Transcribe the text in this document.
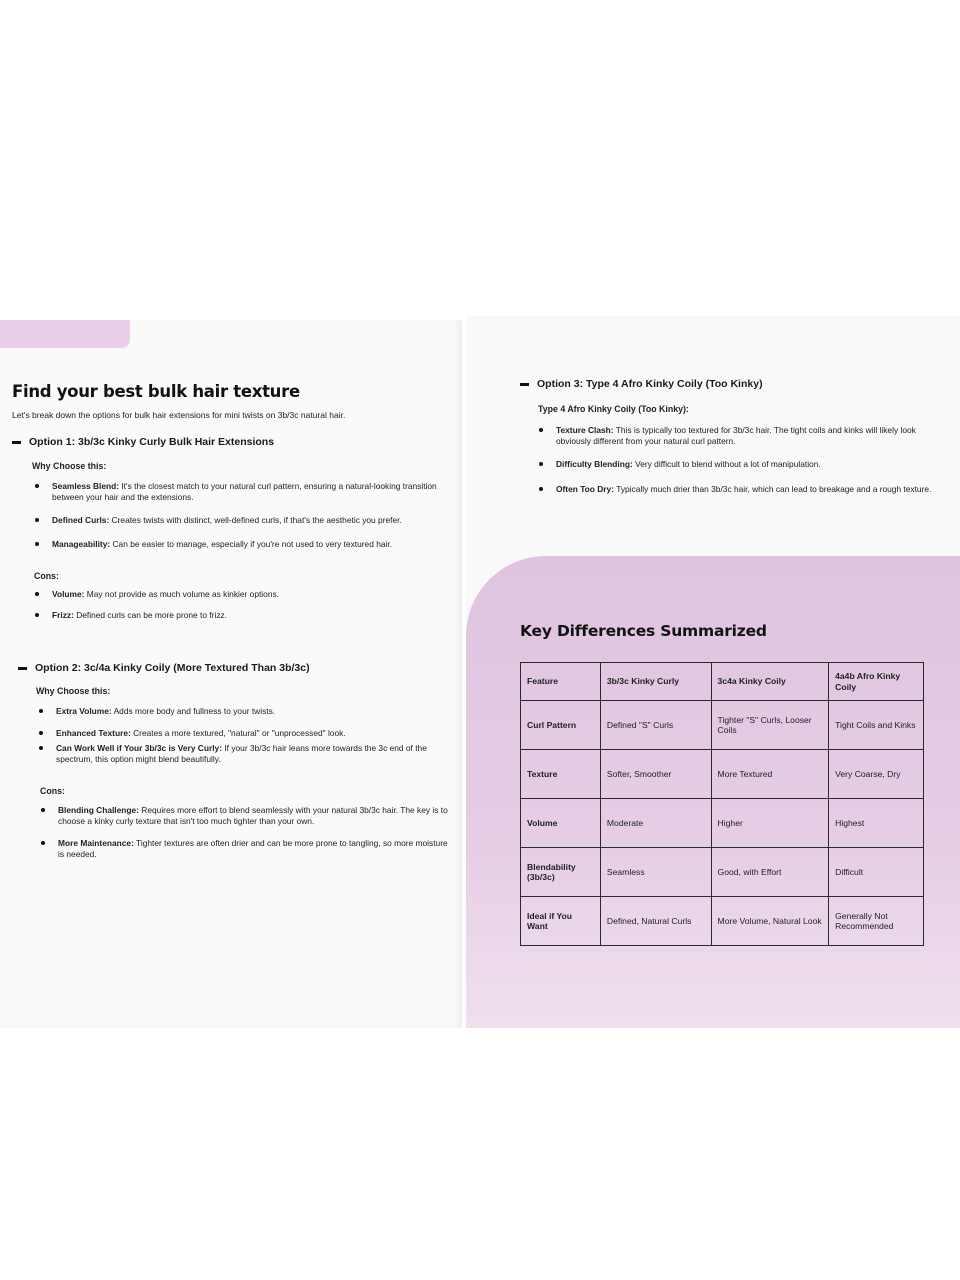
Find your best bulk hair texture

Let's break down the options for bulk hair extensions for mini twists on 3b/3c natural hair.

Option 1: 3b/3c Kinky Curly Bulk Hair Extensions
Why Choose this:
Seamless Blend: It's the closest match to your natural curl pattern, ensuring a natural-looking transition between your hair and the extensions.
Defined Curls: Creates twists with distinct, well-defined curls, if that's the aesthetic you prefer.
Manageability: Can be easier to manage, especially if you're not used to very textured hair.
Cons:
Volume: May not provide as much volume as kinkier options.
Frizz: Defined curls can be more prone to frizz.
Option 2: 3c/4a Kinky Coily (More Textured Than 3b/3c)
Why Choose this:
Extra Volume: Adds more body and fullness to your twists.
Enhanced Texture: Creates a more textured, "natural" or "unprocessed" look.
Can Work Well if Your 3b/3c is Very Curly: If your 3b/3c hair leans more towards the 3c end of the spectrum, this option might blend beautifully.
Cons:
Blending Challenge: Requires more effort to blend seamlessly with your natural 3b/3c hair. The key is to choose a kinky curly texture that isn't too much tighter than your own.
More Maintenance: Tighter textures are often drier and can be more prone to tangling, so more moisture is needed.
Option 3: Type 4 Afro Kinky Coily (Too Kinky)
Type 4 Afro Kinky Coily (Too Kinky):
Texture Clash: This is typically too textured for 3b/3c hair. The tight coils and kinks will likely look obviously different from your natural curl pattern.
Difficulty Blending: Very difficult to blend without a lot of manipulation.
Often Too Dry: Typically much drier than 3b/3c hair, which can lead to breakage and a rough texture.
Key Differences Summarized
Feature	3b/3c Kinky Curly	3c4a Kinky Coily	4a4b Afro Kinky Coily
Curl Pattern	Defined "S" Curls	Tighter "S" Curls, Looser Coils	Tight Coils and Kinks
Texture	Softer, Smoother	More Textured	Very Coarse, Dry
Volume	Moderate	Higher	Highest
Blendability (3b/3c)	Seamless	Good, with Effort	Difficult
Ideal if You Want	Defined, Natural Curls	More Volume, Natural Look	Generally Not Recommended
